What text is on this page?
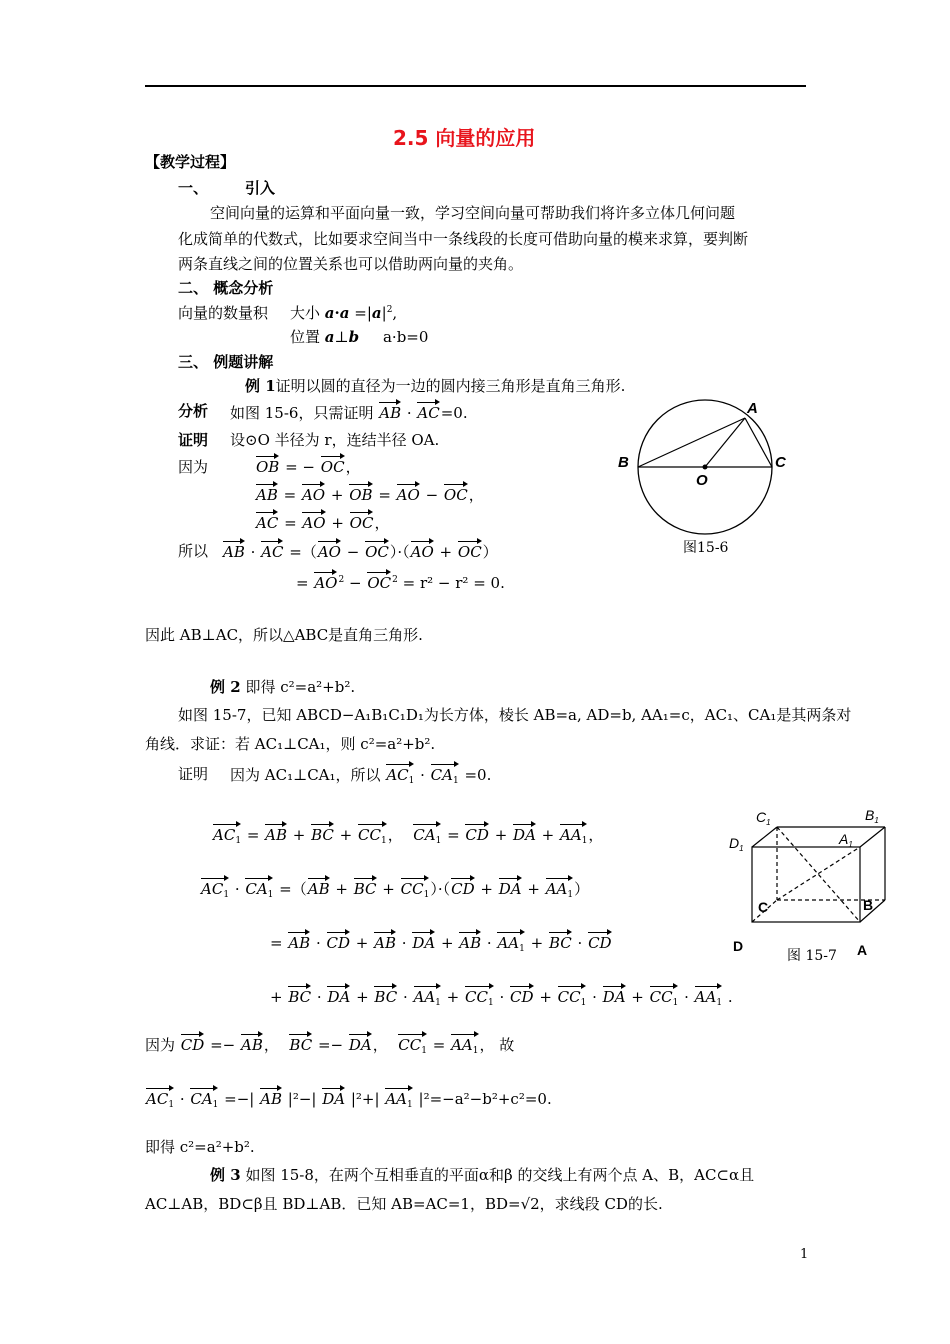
2.5 向量的应用
【教学过程】
一、 引入
空间向量的运算和平面向量一致，学习空间向量可帮助我们将许多立体几何问题
化成简单的代数式，比如要求空间当中一条线段的长度可借助向量的模来求算，要判断
两条直线之间的位置关系也可以借助两向量的夹角。
二、 概念分析
向量的数量积 大小 $a\cdot a =|a|^2$,
位置 a⊥b a·b=0
三、 例题讲解
例 1证明以圆的直径为一边的圆内接三角形是直角三角形.
分析 如图 15-6，只需证明 AB · AC=0.
证明 设⊙O 半径为 r，连结半径 OA.
因为	OB = − OC，
AB = AO + OB = AO − OC，
AC = AO + OC，
所以 AB · AC =（AO − OC）·（AO + OC）
= $AO^2 - OC^2 = r^2 - r^2 = 0$.
因此 AB⊥AC，所以△ABC是直角三角形.
A
B	C
O
图15-6
例 2 即得 c²=a²+b².
如图 15-7，已知 ABCD−A₁B₁C₁D₁为长方体，棱长 AB=a, AD=b, AA₁=c，AC₁、CA₁是其两条对
角线．求证：若 AC₁⊥CA₁，则 c²=a²+b².
证明 因为 AC₁⊥CA₁，所以 $AC_1 \cdot CA_1 =0$.
$AC_1$ = AB + BC + $CC_1$，  $CA_1$ = CD + DA + $AA_1$，
$AC_1 \cdot CA_1 =(AB$ + BC + $CC_1)\cdot(CD$ + DA + $AA_1$）
= AB · CD + AB · DA + AB · $AA_1$ + BC · CD
+ BC · DA + BC · $AA_1 + CC_1$ · CD + $CC_1$ · DA + $CC_1 \cdot AA_1$ .
因为 CD =− AB，  BC =− DA，  $CC_1 = AA_1$， 故
$AC_1 \cdot CA_1$ =−| AB |²−| DA |²+| $AA_1$ |²=−a²−b²+c²=0.
即得 c²=a²+b².
$C_1$	$B_1$
$D_1$
$A_1$
C	B
D	A
图 15-7
例 3 如图 15-8，在两个互相垂直的平面α和β 的交线上有两个点 A、B，AC⊂α且
AC⊥AB，BD⊂β且 BD⊥AB．已知 AB=AC=1，BD=√2，求线段 CD的长.
1
